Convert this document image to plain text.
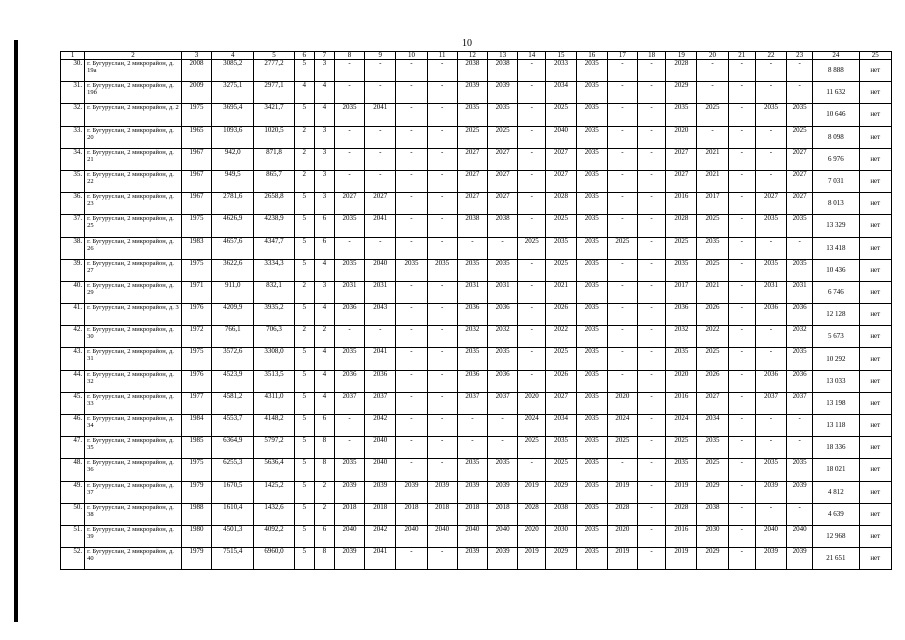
10
1	2	3	4	5	6	7	8	9	10	11	12	13	14	15	16	17	18	19	20	21	22	23	24	25
30.	г. Бугуруслан, 2 микрорайон, д. 19а	2008	3085,2	2777,2	5	3	-	-	-	-	2038	2038	-	2033	2035	-	-	2028	-	-	-	-	8 888	нет
31.	г. Бугуруслан, 2 микрорайон, д. 19б	2009	3275,1	2977,1	4	4	-	-	-	-	2039	2039	-	2034	2035	-	-	2029	-	-	-	-	11 632	нет
32.	г. Бугуруслан, 2 микрорайон, д. 2	1975	3695,4	3421,7	5	4	2035	2041	-	-	2035	2035	-	2025	2035	-	-	2035	2025	-	2035	2035	10 646	нет
33.	г. Бугуруслан, 2 микрорайон, д. 20	1965	1093,6	1020,5	2	3	-	-	-	-	2025	2025	-	2040	2035	-	-	2020	-	-	-	2025	8 098	нет
34.	г. Бугуруслан, 2 микрорайон, д. 21	1967	942,0	871,8	2	3	-	-	-	-	2027	2027	-	2027	2035	-	-	2027	2021	-	-	2027	6 976	нет
35.	г. Бугуруслан, 2 микрорайон, д. 22	1967	949,5	865,7	2	3	-	-	-	-	2027	2027	-	2027	2035	-	-	2027	2021	-	-	2027	7 031	нет
36.	г. Бугуруслан, 2 микрорайон, д. 23	1967	2781,6	2658,8	5	3	2027	2027	-	-	2027	2027	-	2028	2035	-	-	2016	2017	-	2027	2027	8 013	нет
37.	г. Бугуруслан, 2 микрорайон, д. 25	1975	4626,9	4238,9	5	6	2035	2041	-	-	2038	2038	-	2025	2035	-	-	2028	2025	-	2035	2035	13 329	нет
38.	г. Бугуруслан, 2 микрорайон, д. 26	1983	4657,6	4347,7	5	6	-	-	-	-	-	-	2025	2035	2035	2025	-	2025	2035	-	-	-	13 418	нет
39.	г. Бугуруслан, 2 микрорайон, д. 27	1975	3622,6	3334,3	5	4	2035	2040	2035	2035	2035	2035	-	2025	2035	-	-	2035	2025	-	2035	2035	10 436	нет
40.	г. Бугуруслан, 2 микрорайон, д. 29	1971	911,0	832,1	2	3	2031	2031	-	-	2031	2031	-	2021	2035	-	-	2017	2021	-	2031	2031	6 746	нет
41.	г. Бугуруслан, 2 микрорайон, д. 3	1976	4209,9	3935,2	5	4	2036	2043	-	-	2036	2036	-	2026	2035	-	-	2036	2026	-	2036	2036	12 128	нет
42.	г. Бугуруслан, 2 микрорайон, д. 30	1972	766,1	706,3	2	2	-	-	-	-	2032	2032	-	2022	2035	-	-	2032	2022	-	-	2032	5 673	нет
43.	г. Бугуруслан, 2 микрорайон, д. 31	1975	3572,6	3308,0	5	4	2035	2041	-	-	2035	2035	-	2025	2035	-	-	2035	2025	-	-	2035	10 292	нет
44.	г. Бугуруслан, 2 микрорайон, д. 32	1976	4523,9	3513,5	5	4	2036	2036	-	-	2036	2036	-	2026	2035	-	-	2020	2026	-	2036	2036	13 033	нет
45.	г. Бугуруслан, 2 микрорайон, д. 33	1977	4581,2	4311,0	5	4	2037	2037	-	-	2037	2037	2020	2027	2035	2020	-	2016	2027	-	2037	2037	13 198	нет
46.	г. Бугуруслан, 2 микрорайон, д. 34	1984	4553,7	4148,2	5	6	-	2042	-	-	-	-	2024	2034	2035	2024	-	2024	2034	-	-	-	13 118	нет
47.	г. Бугуруслан, 2 микрорайон, д. 35	1985	6364,9	5797,2	5	8	-	2040	-	-	-	-	2025	2035	2035	2025	-	2025	2035	-	-	-	18 336	нет
48.	г. Бугуруслан, 2 микрорайон, д. 36	1975	6255,3	5636,4	5	8	2035	2040	-	-	2035	2035	-	2025	2035	-	-	2035	2025	-	2035	2035	18 021	нет
49.	г. Бугуруслан, 2 микрорайон, д. 37	1979	1670,5	1425,2	5	2	2039	2039	2039	2039	2039	2039	2019	2029	2035	2019	-	2019	2029	-	2039	2039	4 812	нет
50.	г. Бугуруслан, 2 микрорайон, д. 38	1988	1610,4	1432,6	5	2	2018	2018	2018	2018	2018	2018	2028	2038	2035	2028	-	2028	2038	-	-	-	4 639	нет
51.	г. Бугуруслан, 2 микрорайон, д. 39	1980	4501,3	4092,2	5	6	2040	2042	2040	2040	2040	2040	2020	2030	2035	2020	-	2016	2030	-	2040	2040	12 968	нет
52.	г. Бугуруслан, 2 микрорайон, д. 40	1979	7515,4	6960,0	5	8	2039	2041	-	-	2039	2039	2019	2029	2035	2019	-	2019	2029	-	2039	2039	21 651	нет
